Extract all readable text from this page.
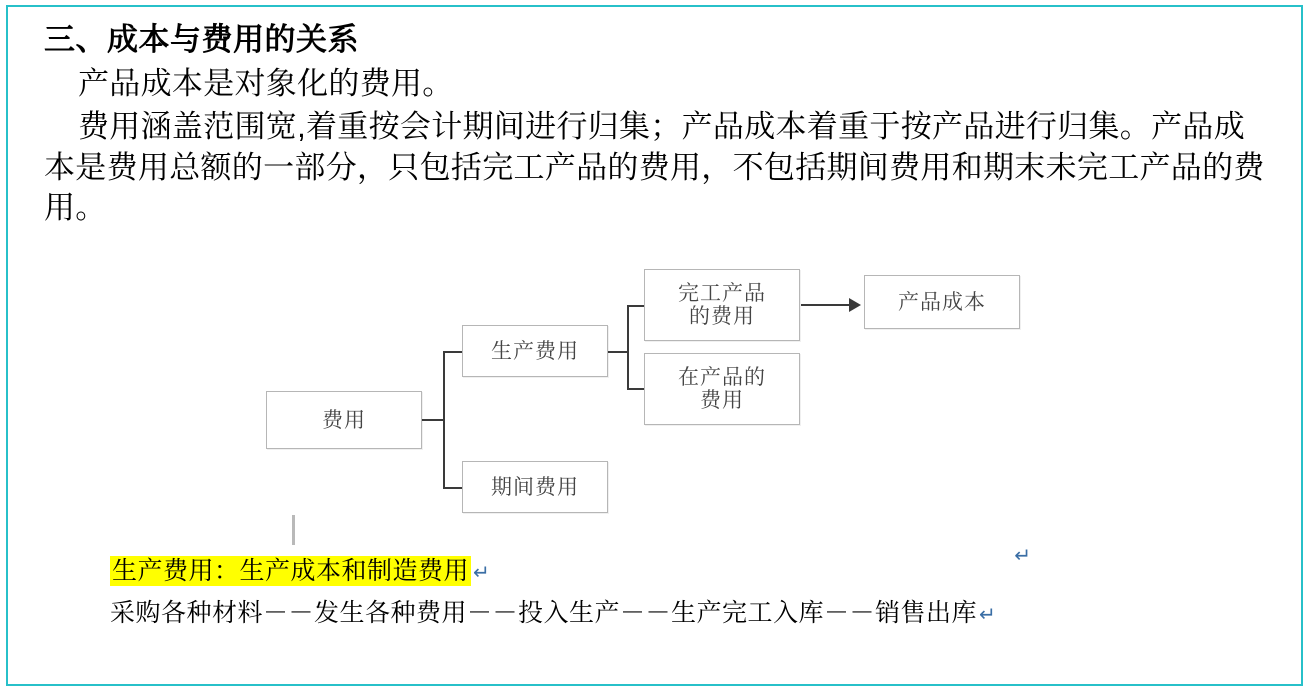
三、成本与费用的关系

产品成本是对象化的费用。

费用涵盖范围宽,着重按会计期间进行归集；产品成本着重于按产品进行归集。产品成本是费用总额的一部分，只包括完工产品的费用，不包括期间费用和期末未完工产品的费用。

费用
生产费用
期间费用
完工产品
的费用
在产品的
费用
产品成本
生产费用：生产成本和制造费用 ↵
采购各种材料－－发生各种费用－－投入生产－－生产完工入库－－销售出库 ↵
↵
